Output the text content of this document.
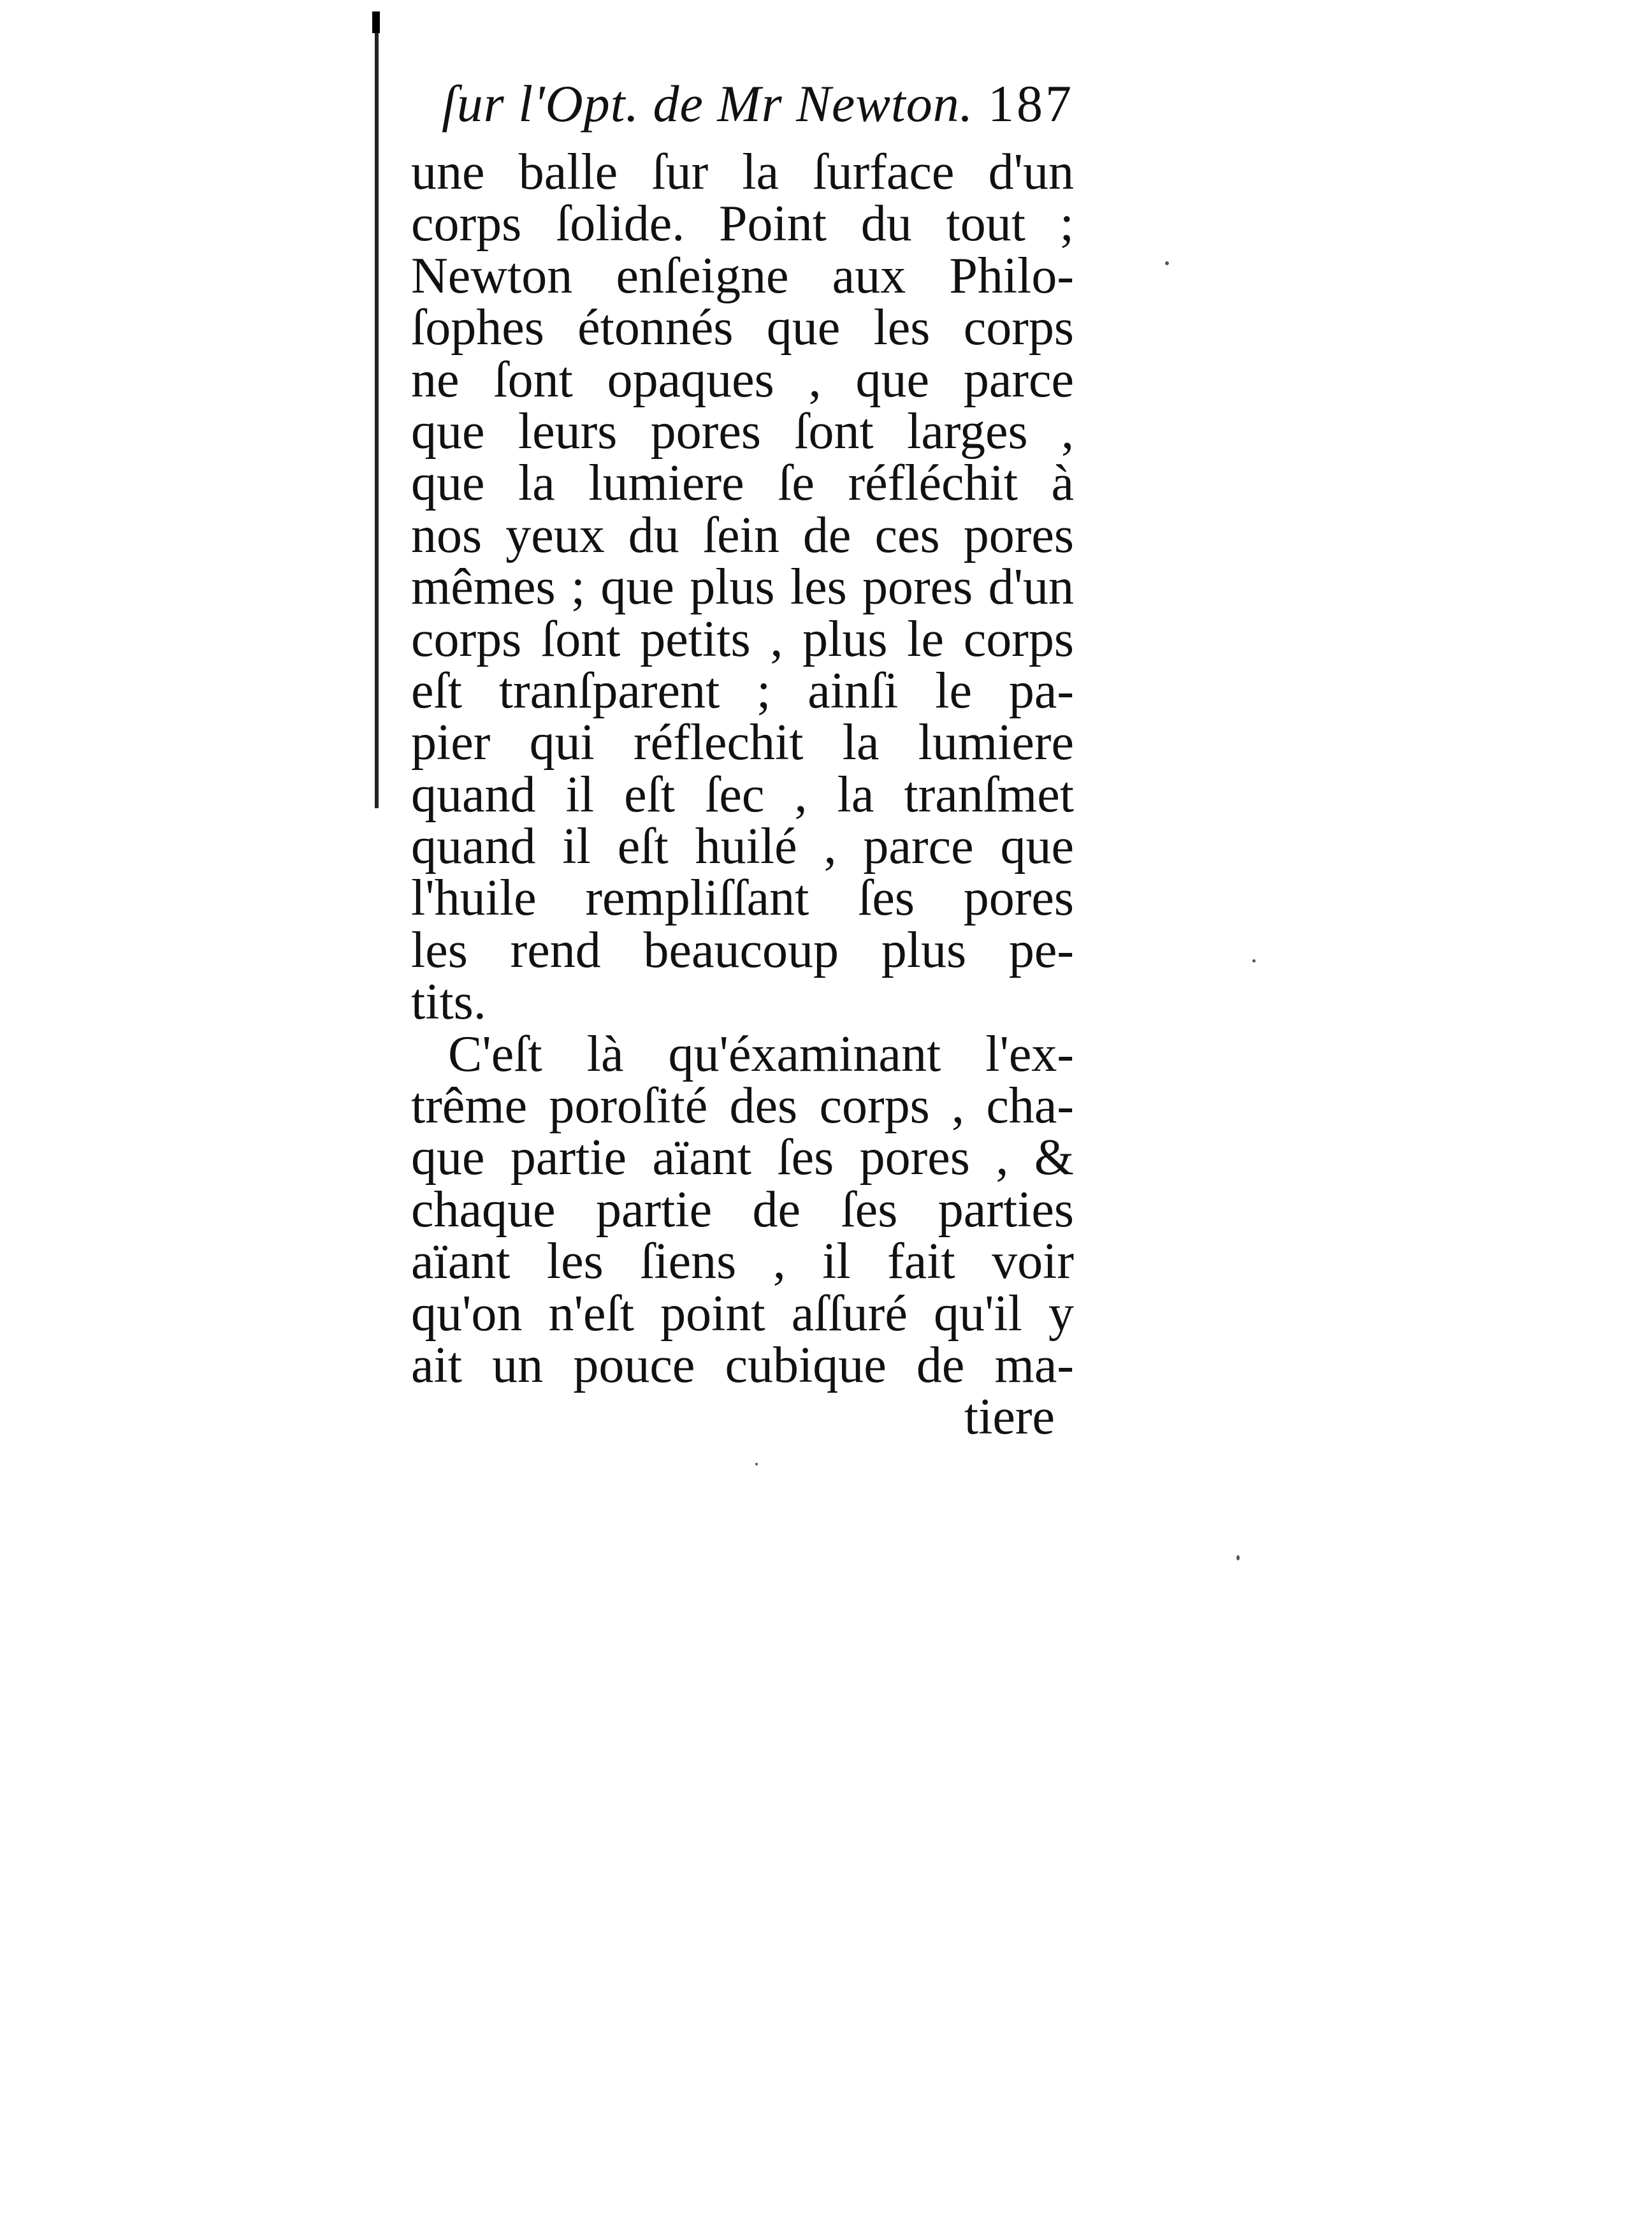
ſur l'Opt. de Mr Newton. 187
une balle ſur la ſurface d'un
corps ſolide. Point du tout ;
Newton enſeigne aux Philo-
ſophes étonnés que les corps
ne ſont opaques , que parce
que leurs pores ſont larges ,
que la lumiere ſe réfléchit à
nos yeux du ſein de ces pores
mêmes ; que plus les pores d'un
corps ſont petits , plus le corps
eſt tranſparent ; ainſi le pa-
pier qui réflechit la lumiere
quand il eſt ſec , la tranſmet
quand il eſt huilé , parce que
l'huile rempliſſant ſes pores
les rend beaucoup plus pe-
tits.
C'eſt là qu'éxaminant l'ex-
trême poroſité des corps , cha-
que partie aïant ſes pores , &
chaque partie de ſes parties
aïant les ſiens , il fait voir
qu'on n'eſt point aſſuré qu'il y
ait un pouce cubique de ma-
tiere
